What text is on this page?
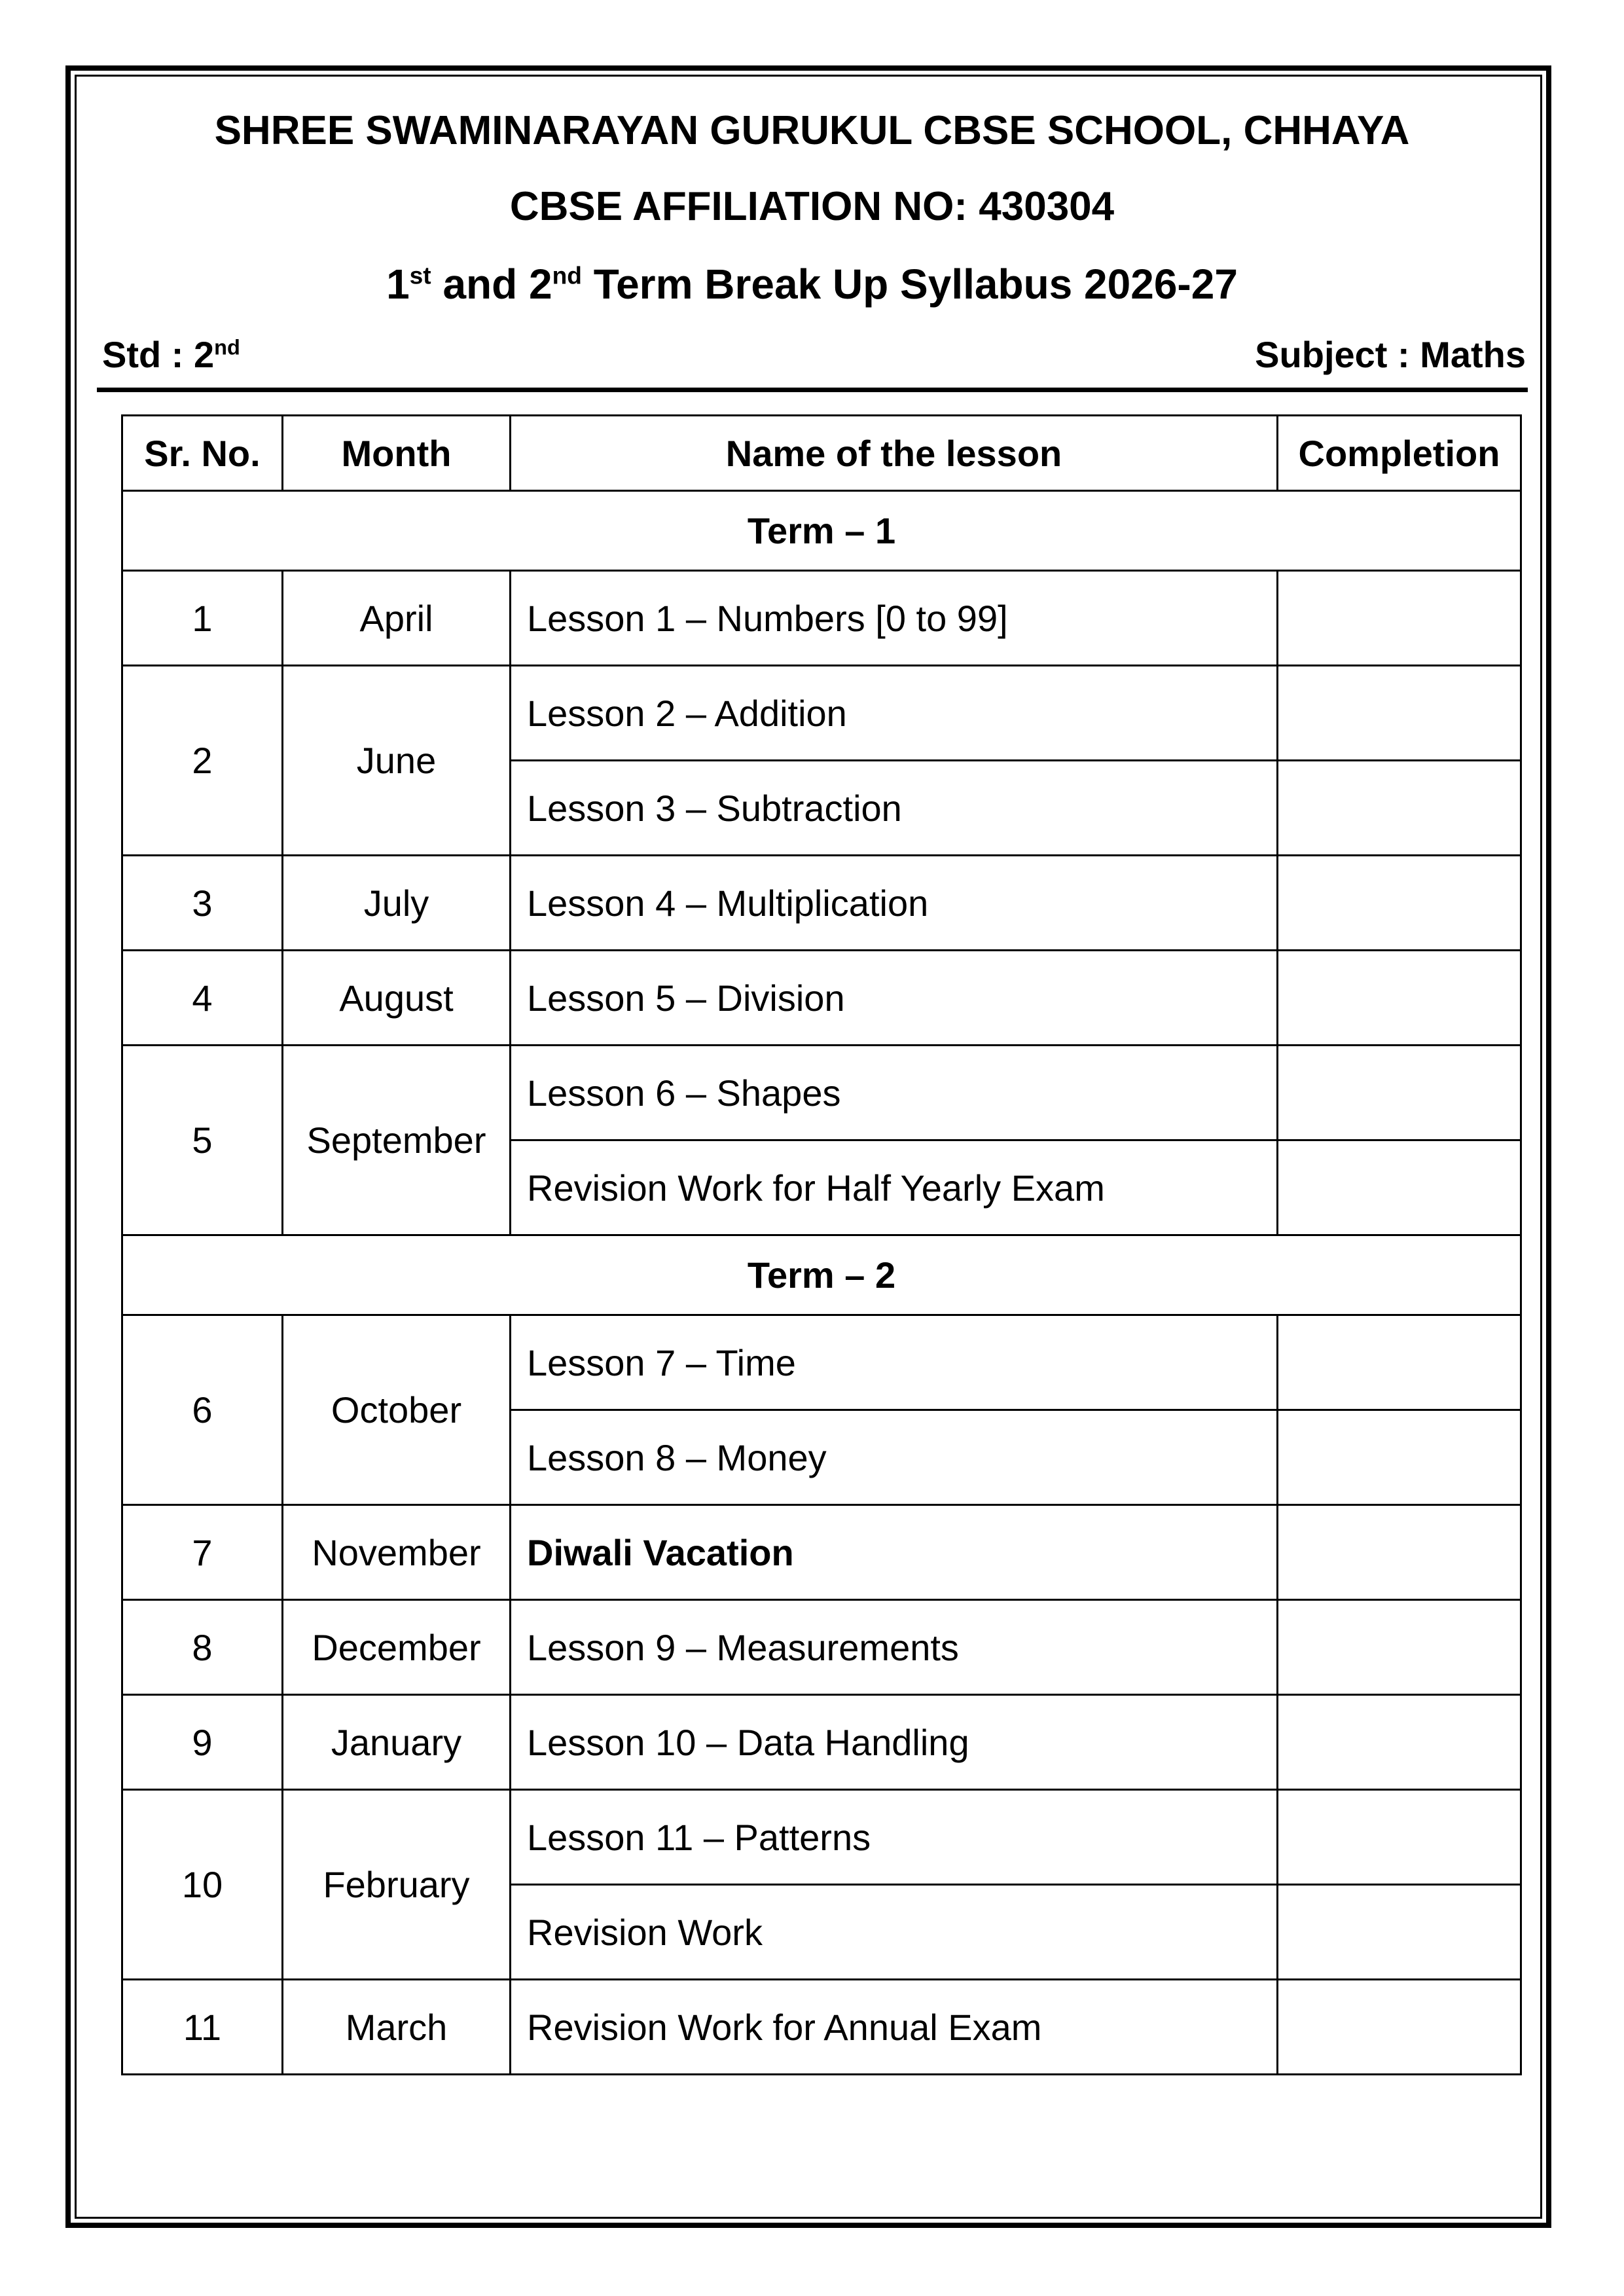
SHREE SWAMINARAYAN GURUKUL CBSE SCHOOL, CHHAYA
CBSE AFFILIATION NO: 430304
1st and 2nd Term Break Up Syllabus 2026-27
Std : 2nd	Subject : Maths
Sr. No.	Month	Name of the lesson	Completion
Term – 1			
1	April	Lesson 1 – Numbers [0 to 99]	
2	June	Lesson 2 – Addition	
		Lesson 3 – Subtraction	
3	July	Lesson 4 – Multiplication	
4	August	Lesson 5 – Division	
5	September	Lesson 6 – Shapes	
		Revision Work for Half Yearly Exam	
Term – 2			
6	October	Lesson 7 – Time	
		Lesson 8 – Money	
7	November	Diwali Vacation	
8	December	Lesson 9 – Measurements	
9	January	Lesson 10 – Data Handling	
10	February	Lesson 11 – Patterns	
		Revision Work	
11	March	Revision Work for Annual Exam	
